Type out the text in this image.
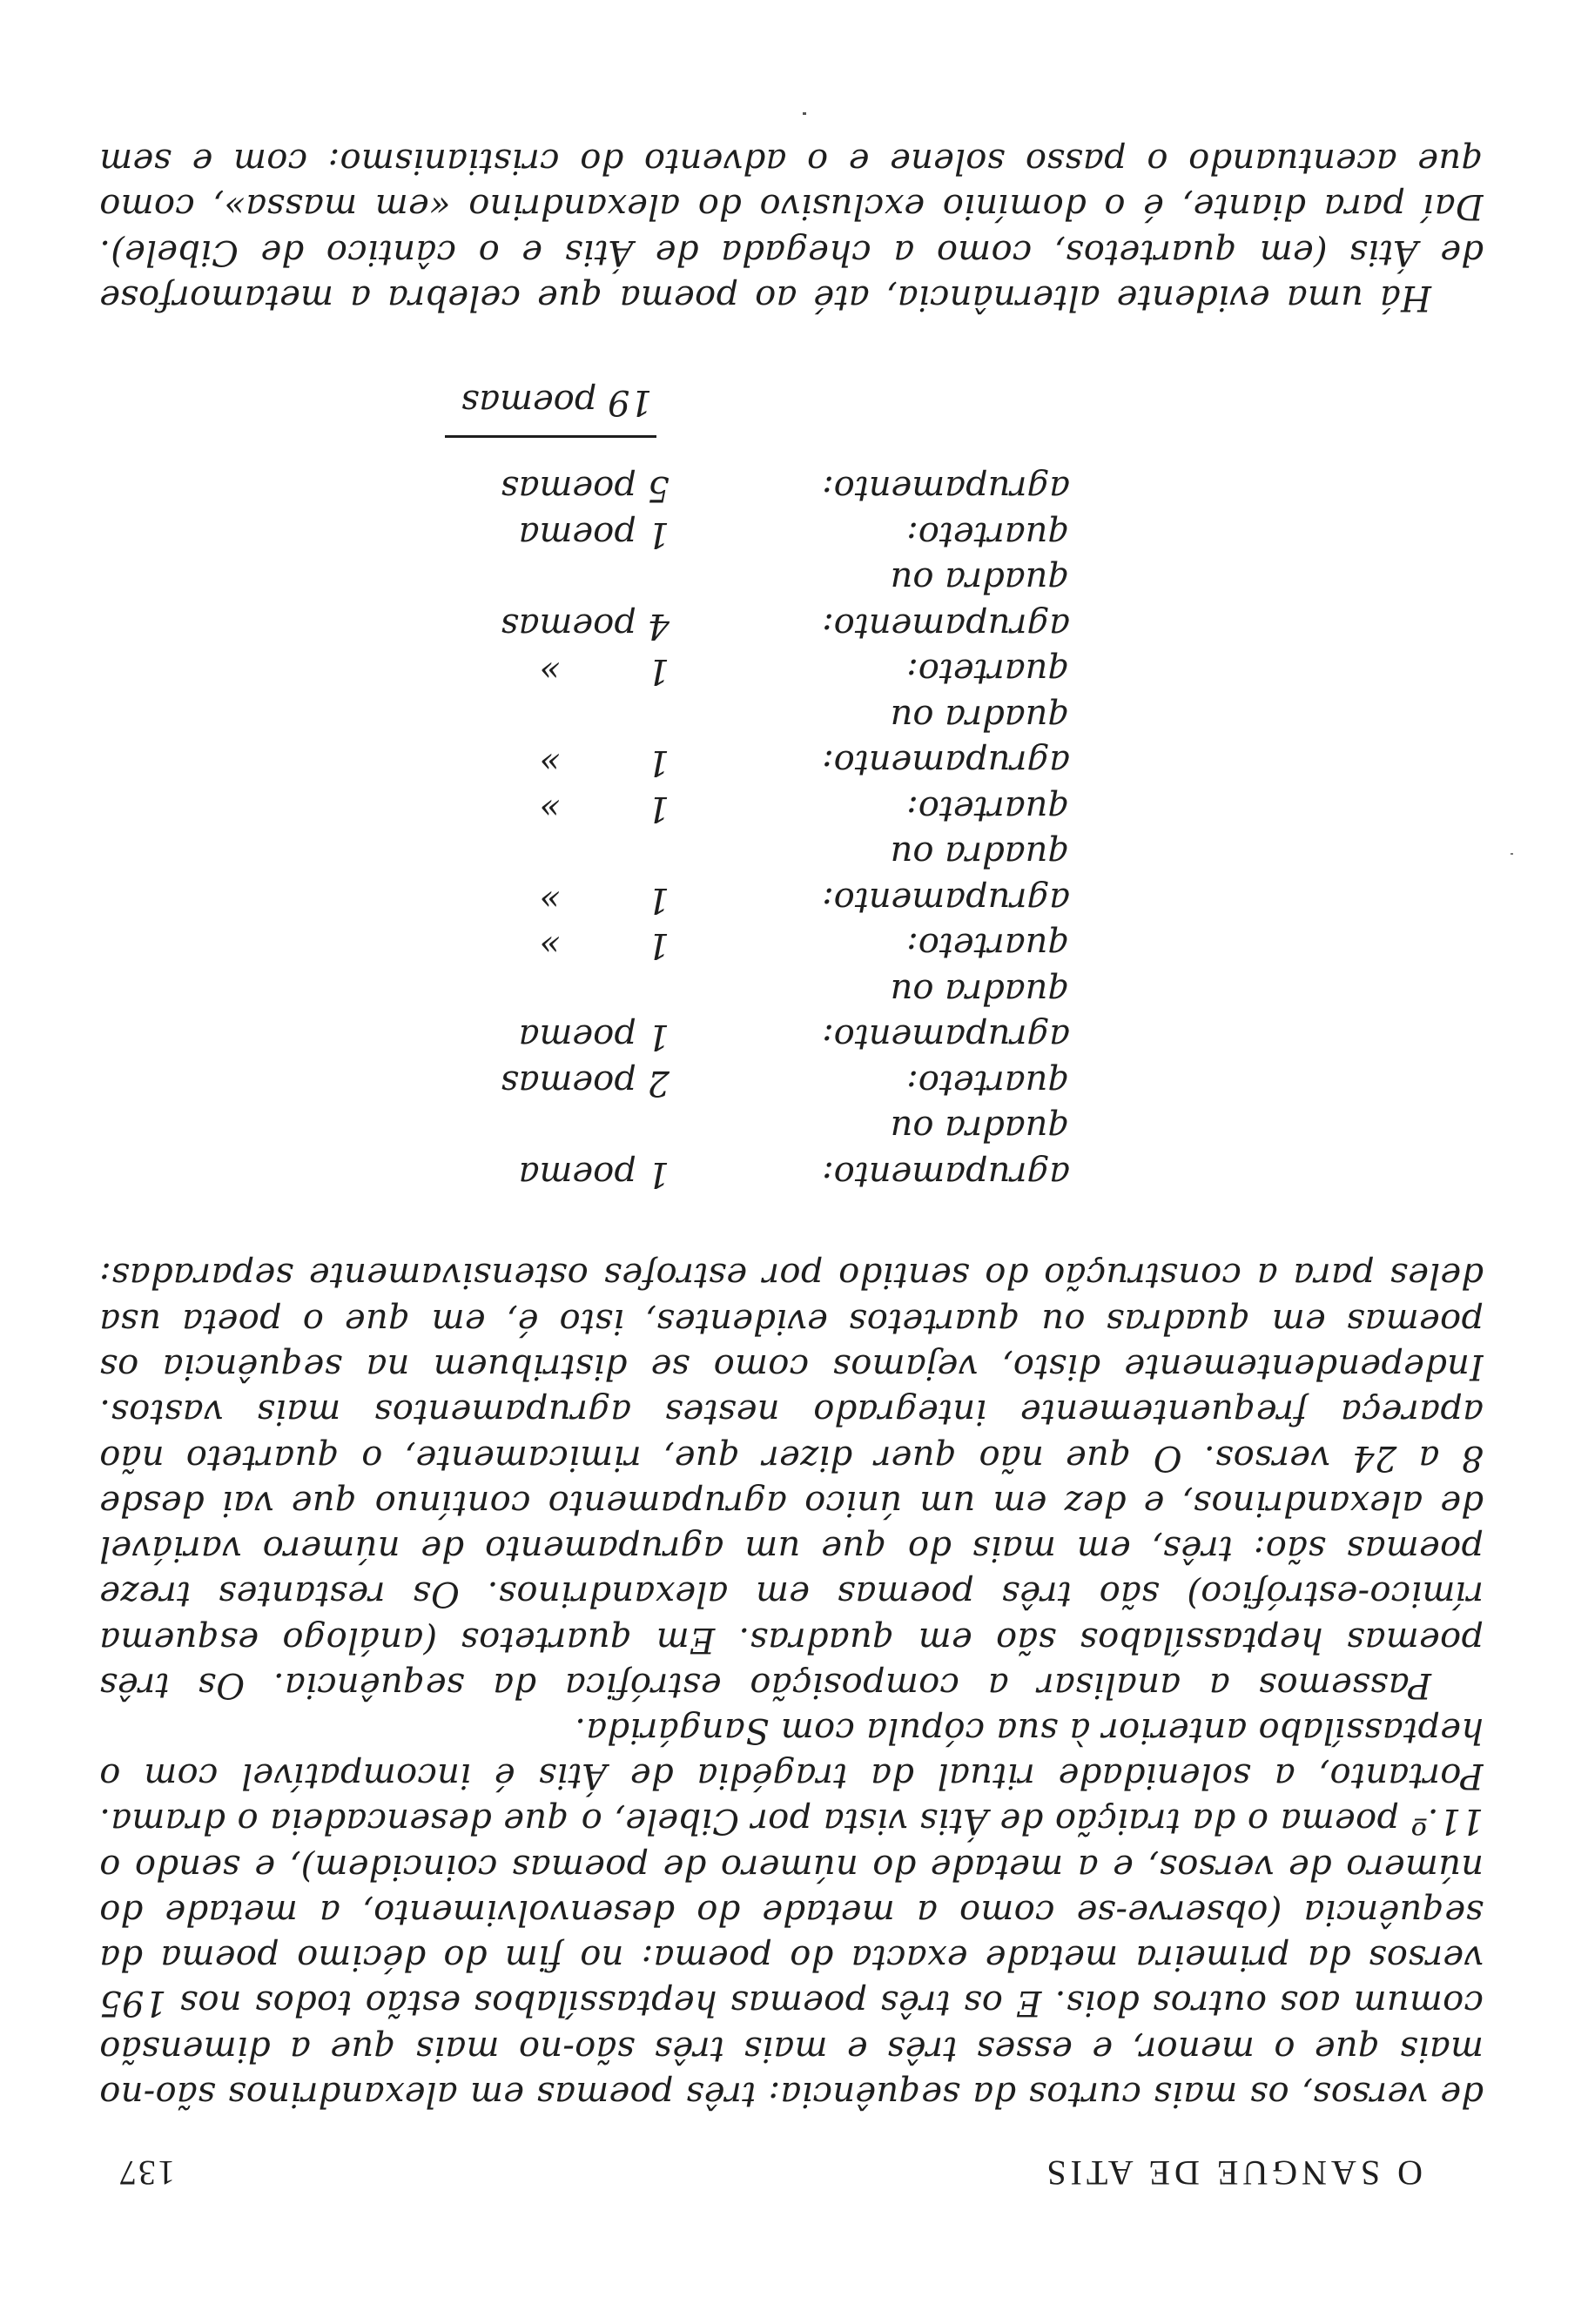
O SANGUE DE ATIS
137
de versos, os mais curtos da sequência: três poemas em alexandrinos são-no
mais que o menor, e esses três e mais três são-no mais que a dimensão
comum aos outros dois. E os três poemas heptassílabos estão todos nos 195
versos da primeira metade exacta do poema: no fim do décimo poema da
sequência (observe-se como a metade do desenvolvimento, a metade do
número de versos, e a metade do número de poemas coincidem), e sendo o
11.º poema o da traição de Átis vista por Cibele, o que desencadeia o drama.
Portanto, a solenidade ritual da tragédia de Átis é incompatível com o
heptassílabo anterior à sua cópula com Sangárida.
Passemos a analisar a composição estrófica da sequência. Os três
poemas heptassílabos são em quadras. Em quartetos (análogo esquema
rímico-estrófico) são três poemas em alexandrinos. Os restantes treze
poemas são: três, em mais do que um agrupamento de número variável
de alexandrinos, e dez em um único agrupamento contínuo que vai desde
8 a 24 versos. O que não quer dizer que, rimicamente, o quarteto não
apareça frequentemente integrado nestes agrupamentos mais vastos.
Independentemente disto, vejamos como se distribuem na sequência os
poemas em quadras ou quartetos evidentes, isto é, em que o poeta usa
deles para a construção do sentido por estrofes ostensivamente separadas:
agrupamento:
1 poema
quadra ou
quarteto:
2 poemas
agrupamento:
1 poema
quadra ou
quarteto:
1
»
agrupamento:
1
»
quadra ou
quarteto:
1
»
agrupamento:
1
»
quadra ou
quarteto:
1
»
agrupamento:
4 poemas
quadra ou
quarteto:
1 poema
agrupamento:
5 poemas
19 poemas
Há uma evidente alternância, até ao poema que celebra a metamorfose
de Átis (em quartetos, como a chegada de Átis e o cântico de Cibele).
Daí para diante, é o domínio exclusivo do alexandrino «em massa», como
que acentuando o passo solene e o advento do cristianismo: com e sem
